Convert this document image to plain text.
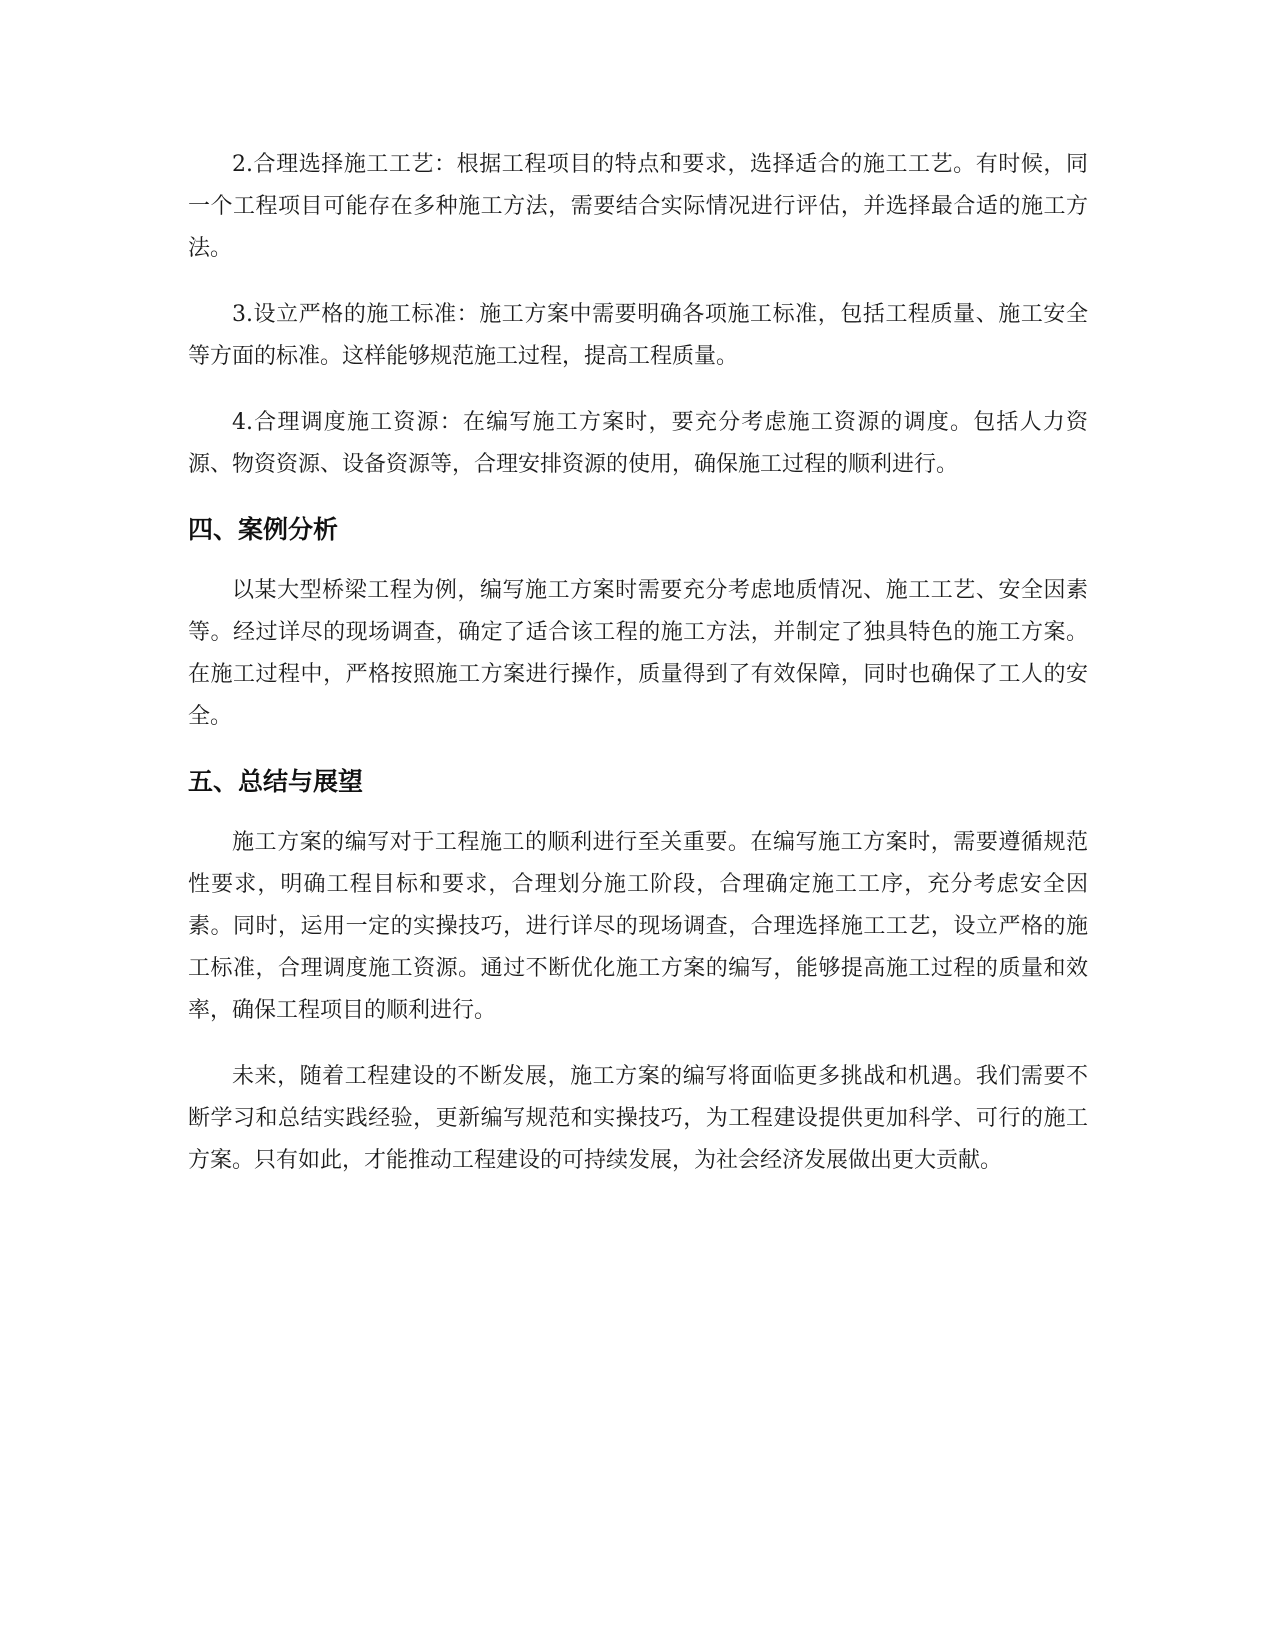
2.合理选择施工工艺：根据工程项目的特点和要求，选择适合的施工工艺。有时候，同一个工程项目可能存在多种施工方法，需要结合实际情况进行评估，并选择最合适的施工方法。

3.设立严格的施工标准：施工方案中需要明确各项施工标准，包括工程质量、施工安全等方面的标准。这样能够规范施工过程，提高工程质量。

4.合理调度施工资源：在编写施工方案时，要充分考虑施工资源的调度。包括人力资源、物资资源、设备资源等，合理安排资源的使用，确保施工过程的顺利进行。

四、案例分析

以某大型桥梁工程为例，编写施工方案时需要充分考虑地质情况、施工工艺、安全因素等。经过详尽的现场调查，确定了适合该工程的施工方法，并制定了独具特色的施工方案。在施工过程中，严格按照施工方案进行操作，质量得到了有效保障，同时也确保了工人的安全。

五、总结与展望

施工方案的编写对于工程施工的顺利进行至关重要。在编写施工方案时，需要遵循规范性要求，明确工程目标和要求，合理划分施工阶段，合理确定施工工序，充分考虑安全因素。同时，运用一定的实操技巧，进行详尽的现场调查，合理选择施工工艺，设立严格的施工标准，合理调度施工资源。通过不断优化施工方案的编写，能够提高施工过程的质量和效率，确保工程项目的顺利进行。

未来，随着工程建设的不断发展，施工方案的编写将面临更多挑战和机遇。我们需要不断学习和总结实践经验，更新编写规范和实操技巧，为工程建设提供更加科学、可行的施工方案。只有如此，才能推动工程建设的可持续发展，为社会经济发展做出更大贡献。
